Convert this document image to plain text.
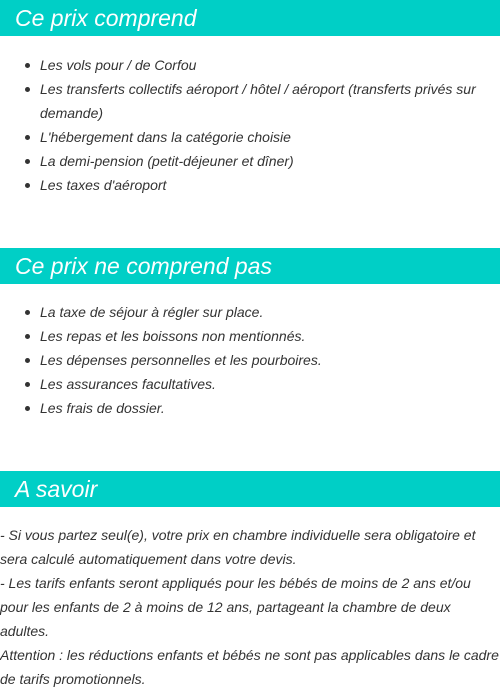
Ce prix comprend
Les vols pour / de Corfou
Les transferts collectifs aéroport / hôtel / aéroport (transferts privés sur demande)
L'hébergement dans la catégorie choisie
La demi-pension (petit-déjeuner et dîner)
Les taxes d'aéroport
Ce prix ne comprend pas
La taxe de séjour à régler sur place.
Les repas et les boissons non mentionnés.
Les dépenses personnelles et les pourboires.
Les assurances facultatives.
Les frais de dossier.
A savoir

- Si vous partez seul(e), votre prix en chambre individuelle sera obligatoire et sera calculé automatiquement dans votre devis.

- Les tarifs enfants seront appliqués pour les bébés de moins de 2 ans et/ou pour les enfants de 2 à moins de 12 ans, partageant la chambre de deux adultes.

Attention : les réductions enfants et bébés ne sont pas applicables dans le cadre de tarifs promotionnels.
